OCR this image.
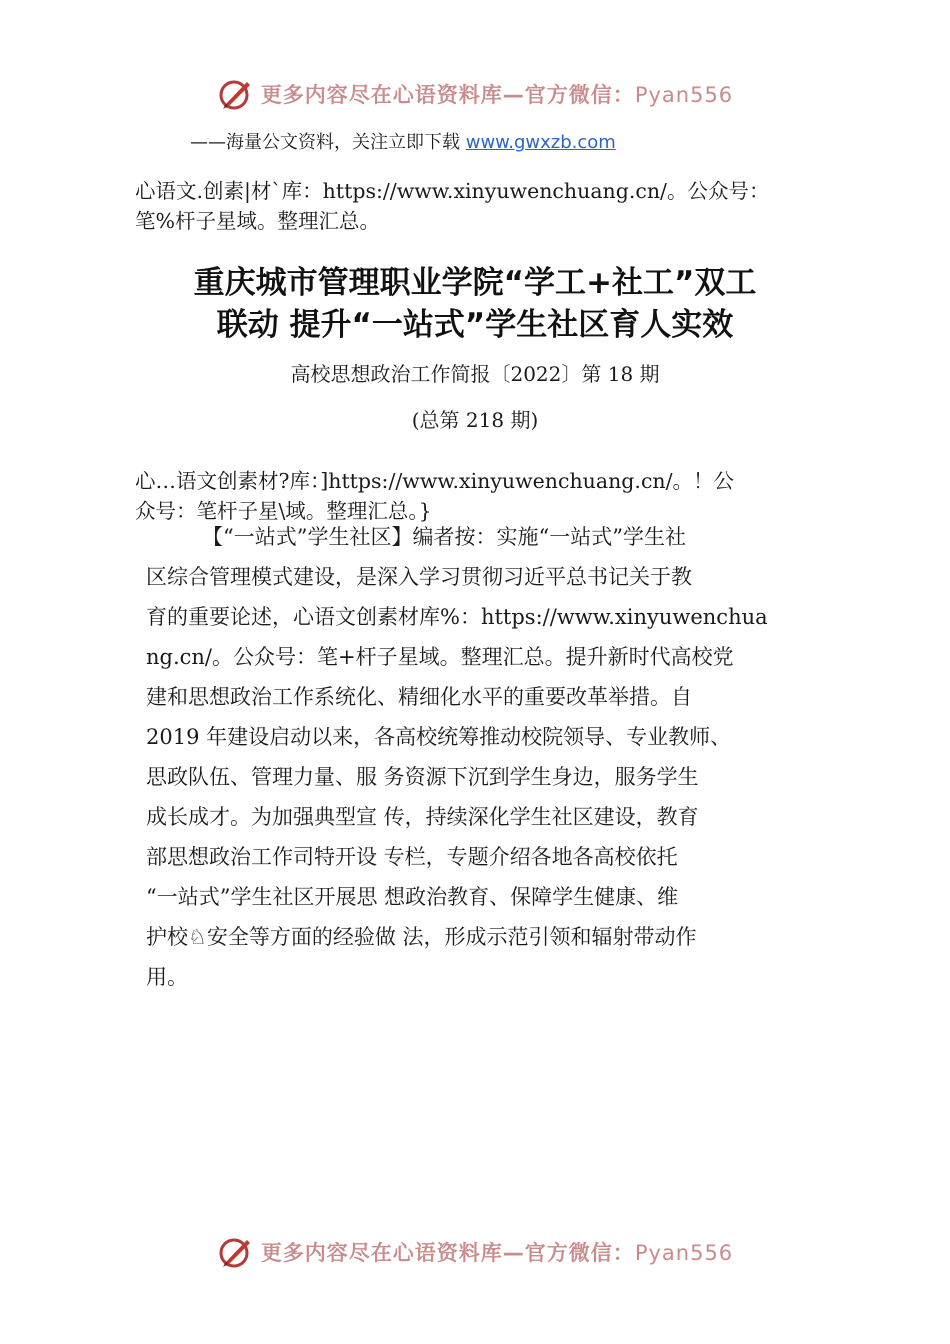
更多内容尽在心语资料库—官方微信：Pyan556
——海量公文资料，关注立即下载 www.gwxzb.com

心语文.创素|材`库：https://www.xinyuwenchuang.cn/。公众号：
笔%杆子星域。整理汇总。

重庆城市管理职业学院“学工+社工”双工
联动 提升“一站式”学生社区育人实效
高校思想政治工作简报〔2022〕第 18 期
(总第 218 期)

心…语文创素材?库：]https://www.xinyuwenchuang.cn/。！公
众号：笔杆子星\域。整理汇总。}

【“一站式”学生社区】编者按：实施“一站式”学生社
区综合管理模式建设，是深入学习贯彻习近平总书记关于教
育的重要论述，心语文创素材库%：https://www.xinyuwenchua
ng.cn/。公众号：笔+杆子星域。整理汇总。提升新时代高校党
建和思想政治工作系统化、精细化水平的重要改革举措。自
2019 年建设启动以来，各高校统筹推动校院领导、专业教师、
思政队伍、管理力量、服 务资源下沉到学生身边，服务学生
成长成才。为加强典型宣 传，持续深化学生社区建设，教育
部思想政治工作司特开设 专栏，专题介绍各地各高校依托
“一站式”学生社区开展思 想政治教育、保障学生健康、维
护校♘安全等方面的经验做 法，形成示范引领和辐射带动作
用。
更多内容尽在心语资料库—官方微信：Pyan556
